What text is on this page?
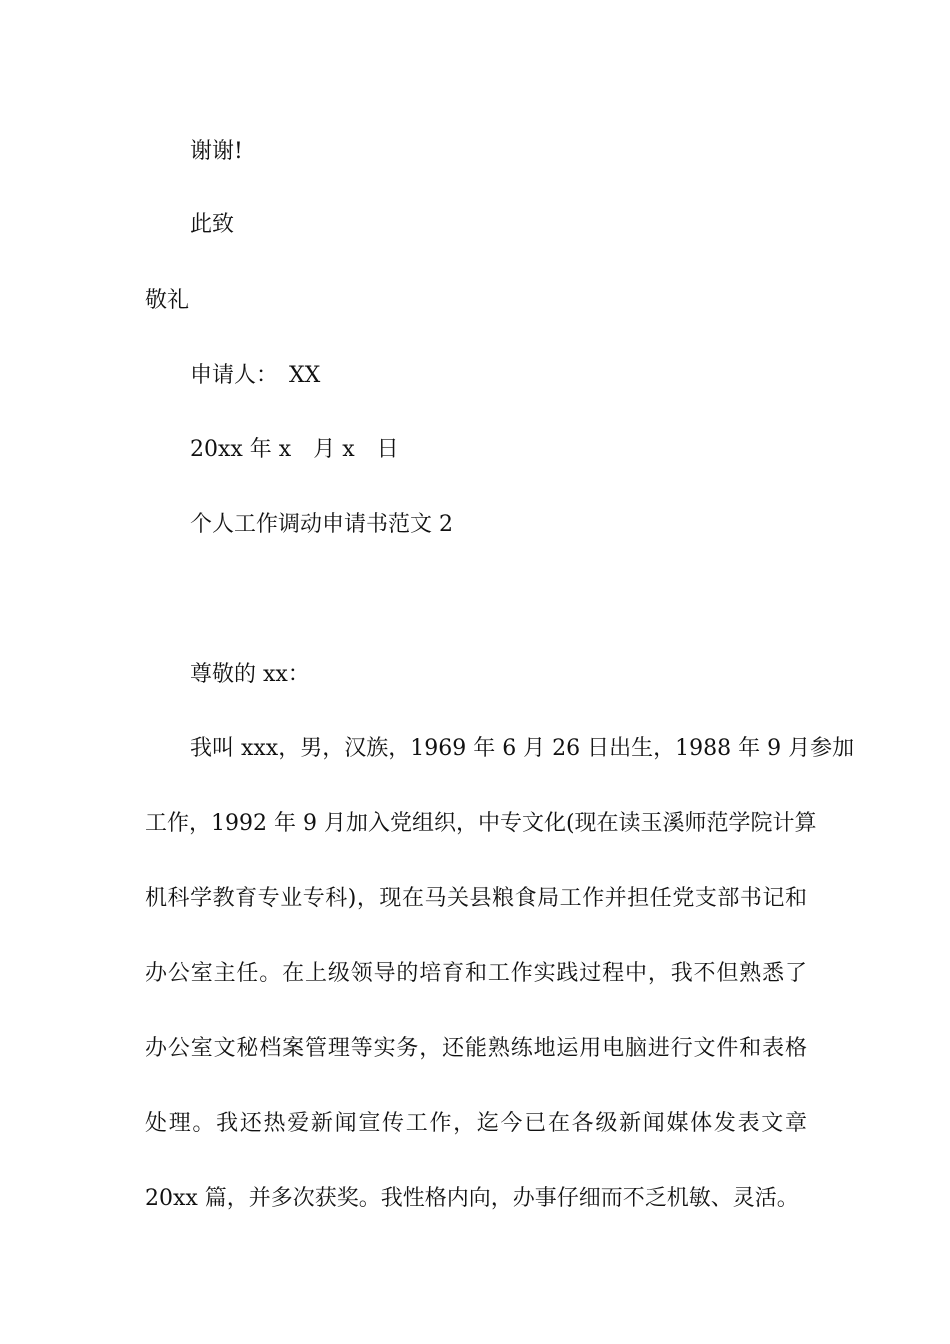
谢谢!
此致
敬礼
申请人：　XX
20xx 年 x　月 x　日
个人工作调动申请书范文 2
尊敬的 xx：
我叫 xxx，男，汉族，1969 年 6 月 26 日出生，1988 年 9 月参加
工作，1992 年 9 月加入党组织，中专文化(现在读玉溪师范学院计算
机科学教育专业专科)，现在马关县粮食局工作并担任党支部书记和
办公室主任。在上级领导的培育和工作实践过程中，我不但熟悉了
办公室文秘档案管理等实务，还能熟练地运用电脑进行文件和表格
处理。我还热爱新闻宣传工作，迄今已在各级新闻媒体发表文章
20xx 篇，并多次获奖。我性格内向，办事仔细而不乏机敏、灵活。
